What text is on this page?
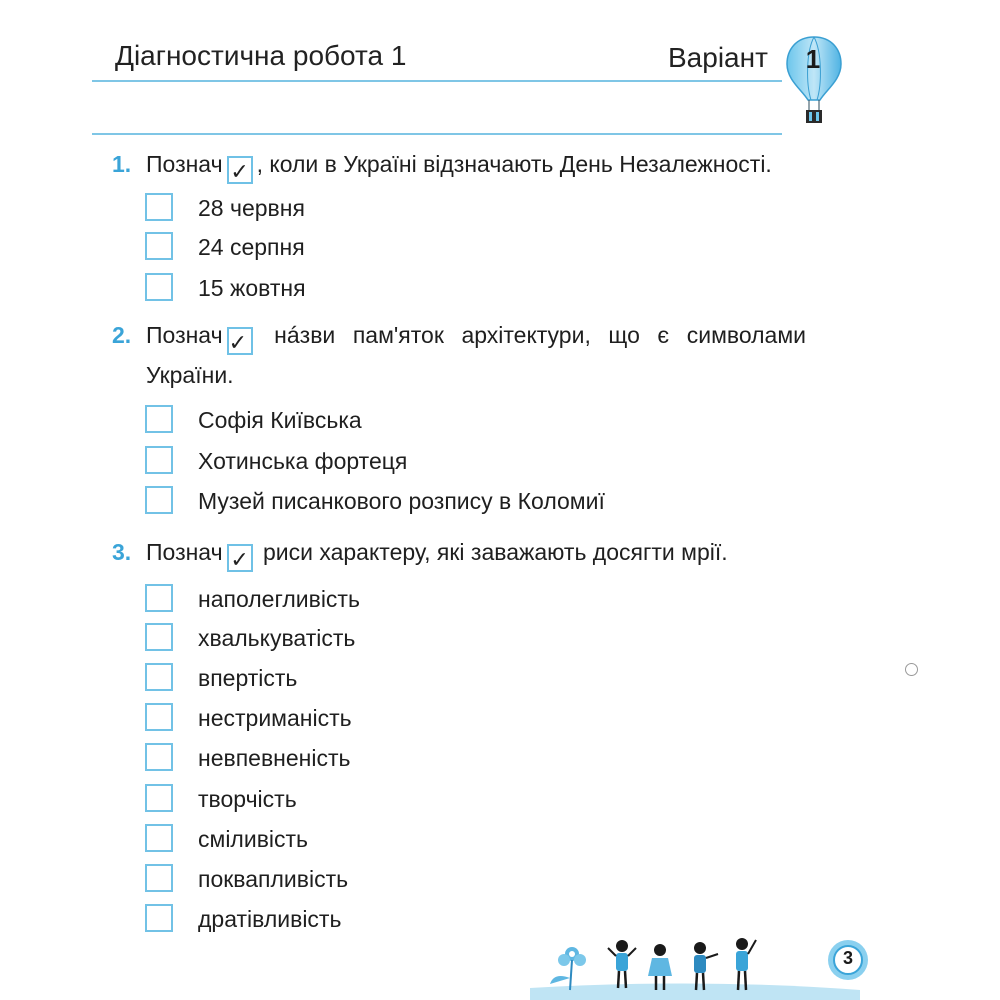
Діагностична робота 1	Варіант	1
1. Познач ✓ , коли в Україні відзначають День Незалежності.
28 червня
24 серпня
15 жовтня
2. Познач ✓ нáзви пам'яток архітектури, що є символами
України.
Софія Київська
Хотинська фортеця
Музей писанкового розпису в Коломиї
3. Познач ✓ риси характеру, які заважають досягти мрії.
наполегливість
хвалькуватість
впертість
нестриманість
невпевненість
творчість
сміливість
поквапливість
дратівливість
3
